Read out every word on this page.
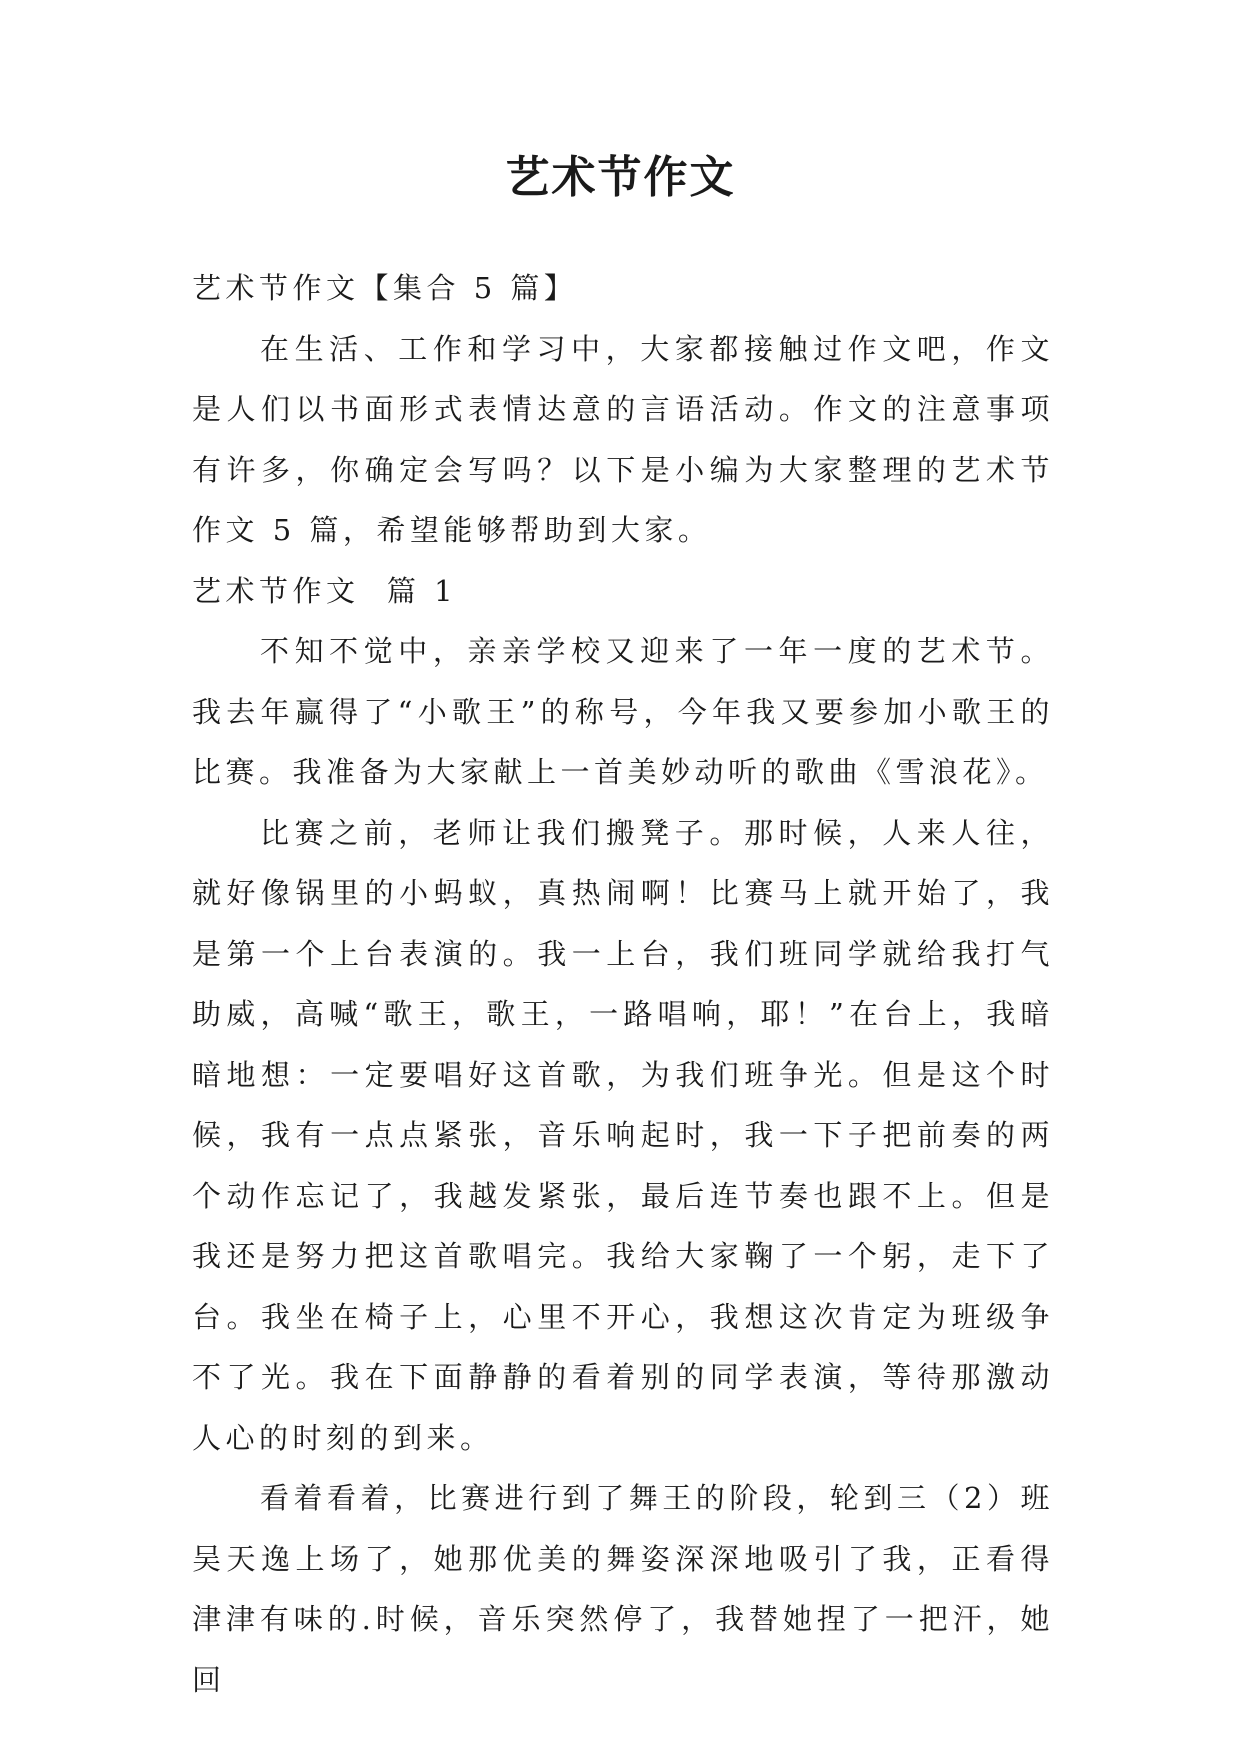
艺术节作文

艺术节作文【集合 5 篇】

在生活、工作和学习中，大家都接触过作文吧，作文是人们以书面形式表情达意的言语活动。作文的注意事项有许多，你确定会写吗？以下是小编为大家整理的艺术节作文 5 篇，希望能够帮助到大家。

艺术节作文  篇 1

不知不觉中，亲亲学校又迎来了一年一度的艺术节。我去年赢得了“小歌王”的称号，今年我又要参加小歌王的比赛。我准备为大家献上一首美妙动听的歌曲《雪浪花》。

比赛之前，老师让我们搬凳子。那时候，人来人往，就好像锅里的小蚂蚁，真热闹啊！比赛马上就开始了，我是第一个上台表演的。我一上台，我们班同学就给我打气助威，高喊“歌王，歌王，一路唱响，耶！”在台上，我暗暗地想：一定要唱好这首歌，为我们班争光。但是这个时候，我有一点点紧张，音乐响起时，我一下子把前奏的两个动作忘记了，我越发紧张，最后连节奏也跟不上。但是我还是努力把这首歌唱完。我给大家鞠了一个躬，走下了台。我坐在椅子上，心里不开心，我想这次肯定为班级争不了光。我在下面静静的看着别的同学表演，等待那激动人心的时刻的到来。

看着看着，比赛进行到了舞王的阶段，轮到三（2）班吴天逸上场了，她那优美的舞姿深深地吸引了我，正看得津津有味的.时候，音乐突然停了，我替她捏了一把汗，她回
